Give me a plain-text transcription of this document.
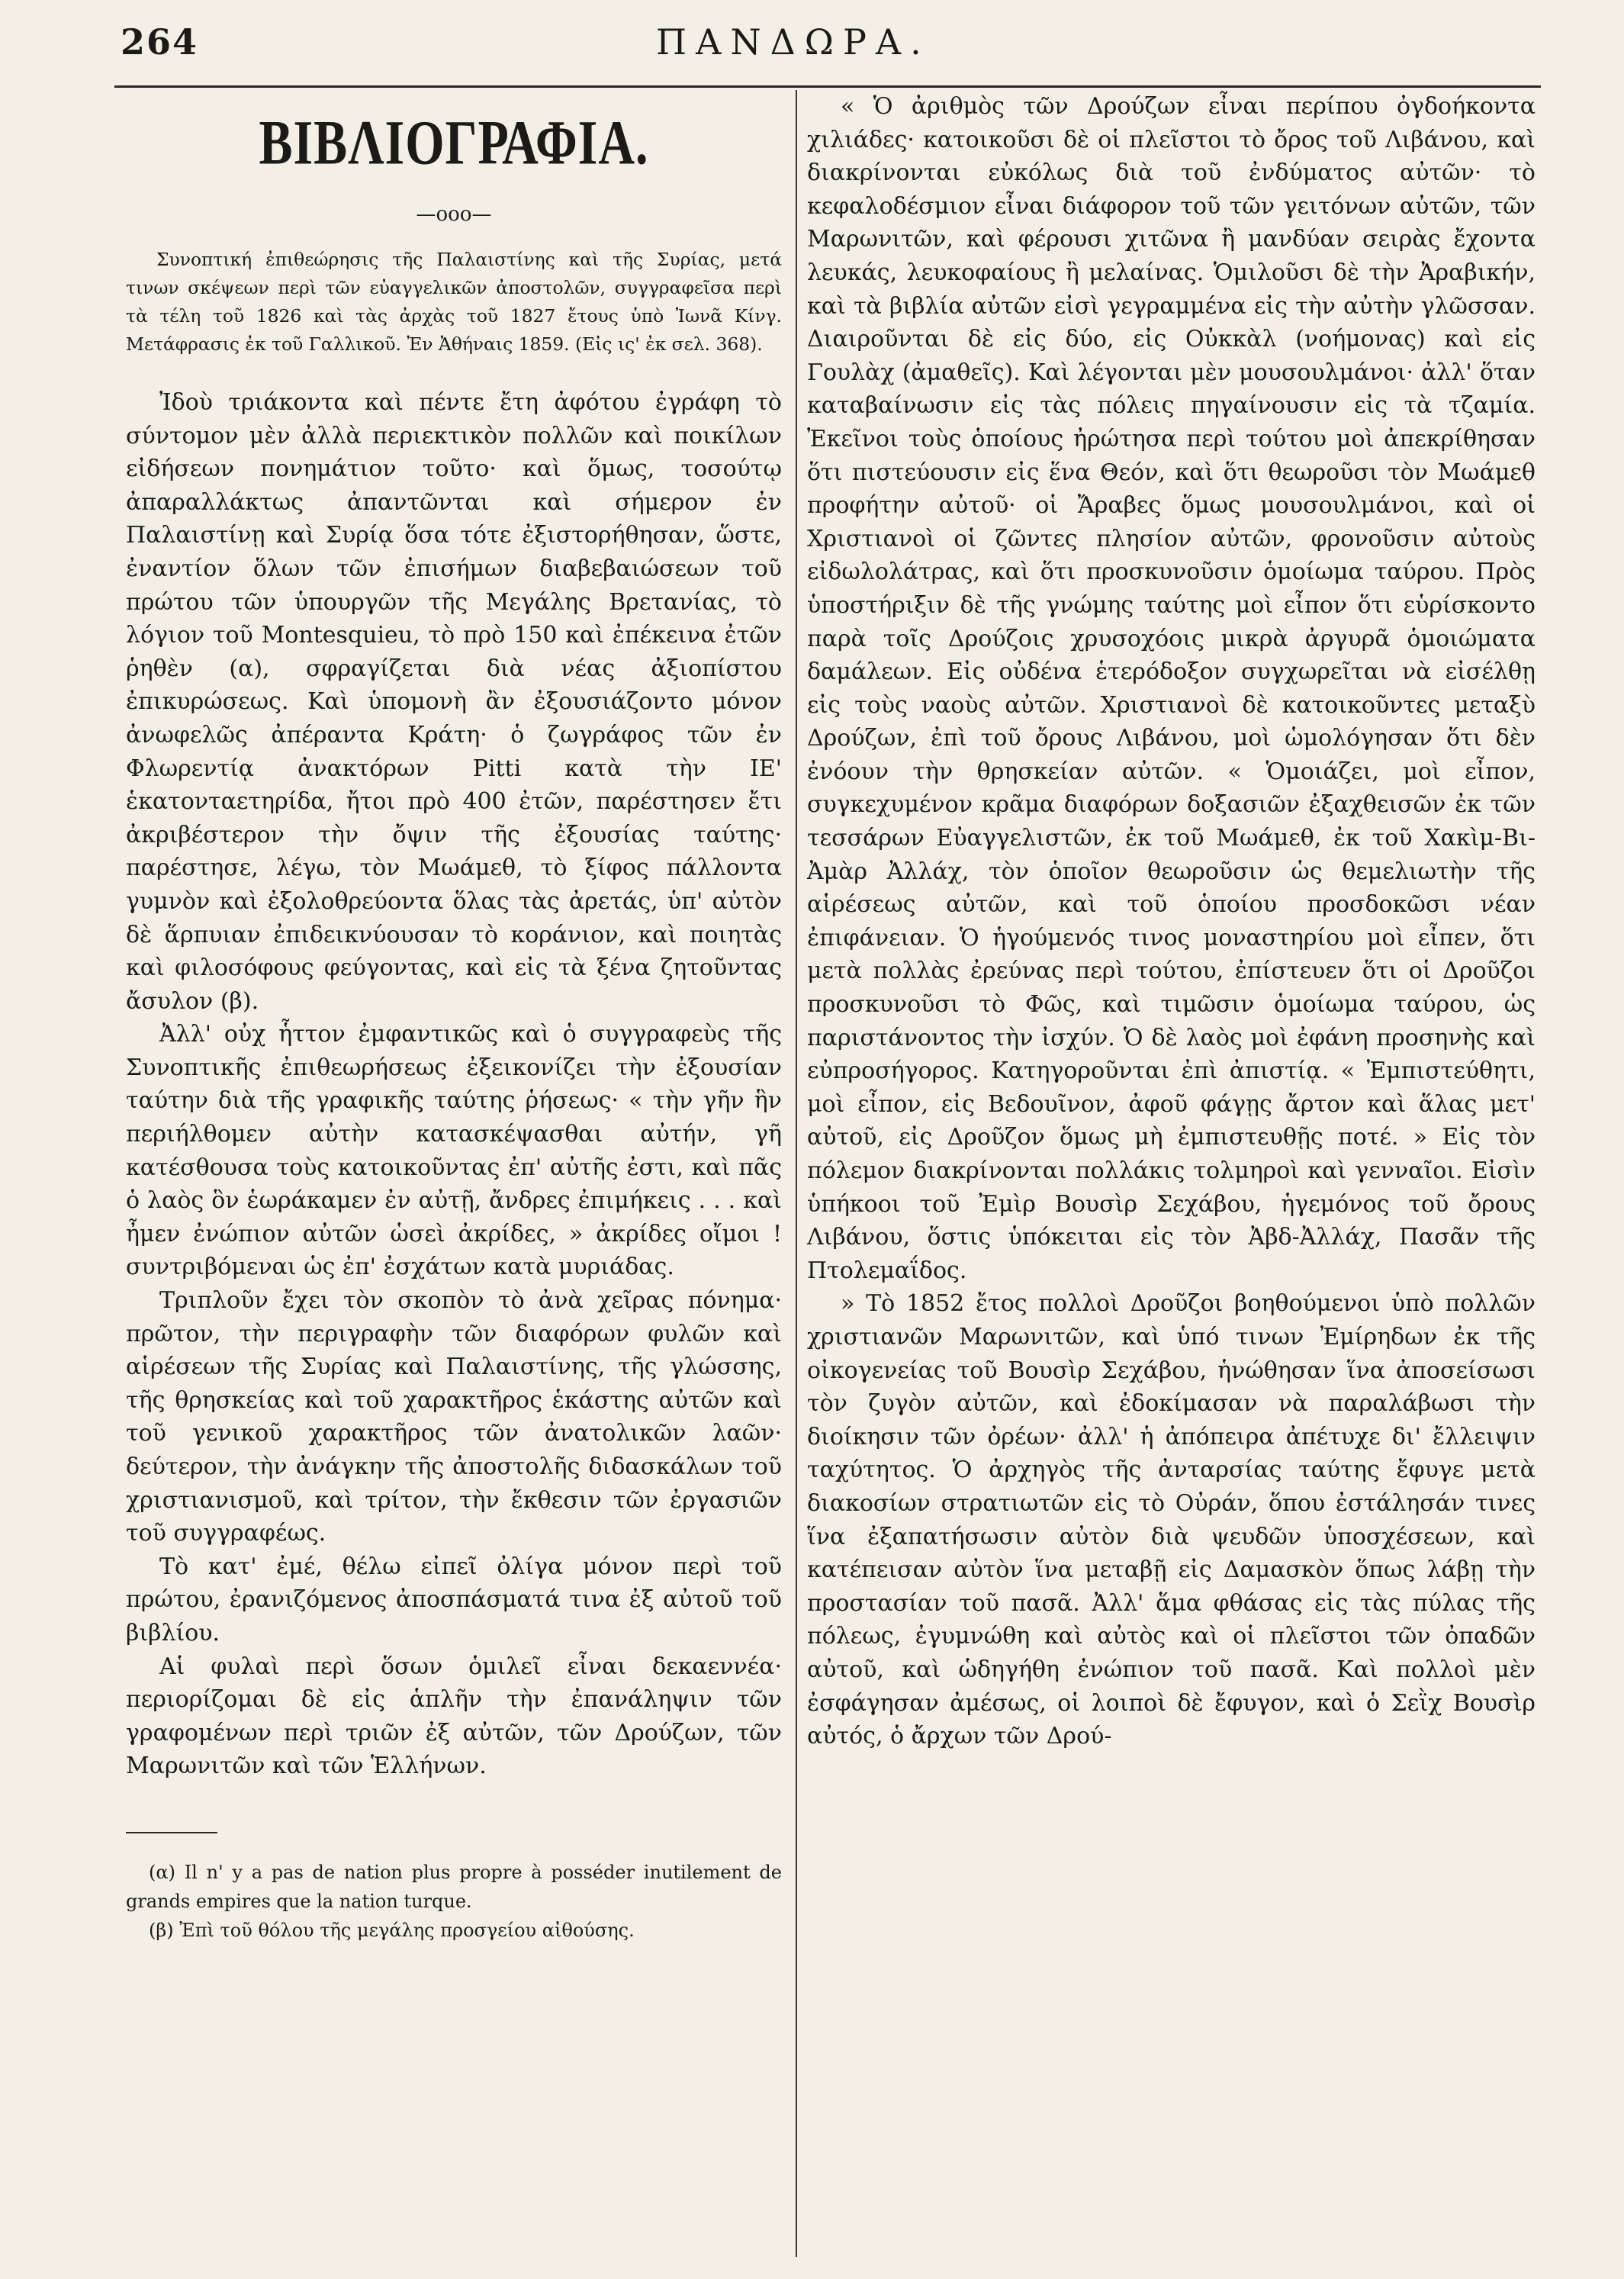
264	ΠΑΝΔΩΡΑ.
ΒΙΒΛΙΟΓΡΑΦΙΑ.
—ooo—

Συνοπτική ἐπιθεώρησις τῆς Παλαιστίνης καὶ τῆς Συρίας, μετά τινων σκέψεων περὶ τῶν εὐαγγελικῶν ἀποστολῶν, συγγραφεῖσα περὶ τὰ τέλη τοῦ 1826 καὶ τὰς ἀρχὰς τοῦ 1827 ἔτους ὑπὸ Ἰωνᾶ Κίνγ. Μετάφρασις ἐκ τοῦ Γαλλικοῦ. Ἐν Ἀθήναις 1859. (Εἰς ις' ἐκ σελ. 368).

Ἰδοὺ τριάκοντα καὶ πέντε ἔτη ἀφότου ἐγράφη τὸ σύντομον μὲν ἀλλὰ περιεκτικὸν πολλῶν καὶ ποικίλων εἰδήσεων πονημάτιον τοῦτο· καὶ ὅμως, τοσούτῳ ἀπαραλλάκτως ἀπαντῶνται καὶ σήμερον ἐν Παλαιστίνῃ καὶ Συρίᾳ ὅσα τότε ἐξιστορήθησαν, ὥστε, ἐναντίον ὅλων τῶν ἐπισήμων διαβεβαιώσεων τοῦ πρώτου τῶν ὑπουργῶν τῆς Μεγάλης Βρετανίας, τὸ λόγιον τοῦ Montesquieu, τὸ πρὸ 150 καὶ ἐπέκεινα ἐτῶν ῥηθὲν (α), σφραγίζεται διὰ νέας ἀξιοπίστου ἐπικυρώσεως. Καὶ ὑπομονὴ ἂν ἐξουσιάζοντο μόνον ἀνωφελῶς ἀπέραντα Κράτη· ὁ ζωγράφος τῶν ἐν Φλωρεντίᾳ ἀνακτόρων Pitti κατὰ τὴν ΙΕ' ἑκατονταετηρίδα, ἤτοι πρὸ 400 ἐτῶν, παρέστησεν ἔτι ἀκριβέστερον τὴν ὄψιν τῆς ἐξουσίας ταύτης· παρέστησε, λέγω, τὸν Μωάμεθ, τὸ ξίφος πάλλοντα γυμνὸν καὶ ἐξολοθρεύοντα ὅλας τὰς ἀρετάς, ὑπ' αὐτὸν δὲ ἅρπυιαν ἐπιδεικνύουσαν τὸ κοράνιον, καὶ ποιητὰς καὶ φιλοσόφους φεύγοντας, καὶ εἰς τὰ ξένα ζητοῦντας ἄσυλον (β).

Ἀλλ' οὐχ ἧττον ἐμφαντικῶς καὶ ὁ συγγραφεὺς τῆς Συνοπτικῆς ἐπιθεωρήσεως ἐξεικονίζει τὴν ἐξουσίαν ταύτην διὰ τῆς γραφικῆς ταύτης ῥήσεως· « τὴν γῆν ἣν περιήλθομεν αὐτὴν κατασκέψασθαι αὐτήν, γῆ κατέσθουσα τοὺς κατοικοῦντας ἐπ' αὐτῆς ἐστι, καὶ πᾶς ὁ λαὸς ὃν ἑωράκαμεν ἐν αὐτῇ, ἄνδρες ἐπιμήκεις . . . καὶ ἦμεν ἐνώπιον αὐτῶν ὡσεὶ ἀκρίδες, » ἀκρίδες οἴμοι ! συντριβόμεναι ὡς ἐπ' ἐσχάτων κατὰ μυριάδας.

Τριπλοῦν ἔχει τὸν σκοπὸν τὸ ἀνὰ χεῖρας πόνημα· πρῶτον, τὴν περιγραφὴν τῶν διαφόρων φυλῶν καὶ αἱρέσεων τῆς Συρίας καὶ Παλαιστίνης, τῆς γλώσσης, τῆς θρησκείας καὶ τοῦ χαρακτῆρος ἑκάστης αὐτῶν καὶ τοῦ γενικοῦ χαρακτῆρος τῶν ἀνατολικῶν λαῶν· δεύτερον, τὴν ἀνάγκην τῆς ἀποστολῆς διδασκάλων τοῦ χριστιανισμοῦ, καὶ τρίτον, τὴν ἔκθεσιν τῶν ἐργασιῶν τοῦ συγγραφέως.

Τὸ κατ' ἐμέ, θέλω εἰπεῖ ὀλίγα μόνον περὶ τοῦ πρώτου, ἐρανιζόμενος ἀποσπάσματά τινα ἐξ αὐτοῦ τοῦ βιβλίου.

Αἱ φυλαὶ περὶ ὅσων ὁμιλεῖ εἶναι δεκαεννέα· περιορίζομαι δὲ εἰς ἁπλῆν τὴν ἐπανάληψιν τῶν γραφομένων περὶ τριῶν ἐξ αὐτῶν, τῶν Δρούζων, τῶν Μαρωνιτῶν καὶ τῶν Ἑλλήνων.

(α) Il n' y a pas de nation plus propre à posséder inutilement de grands empires que la nation turque.

(β) Ἐπὶ τοῦ θόλου τῆς μεγάλης προσγείου αἰθούσης.

« Ὁ ἀριθμὸς τῶν Δρούζων εἶναι περίπου ὀγδοήκοντα χιλιάδες· κατοικοῦσι δὲ οἱ πλεῖστοι τὸ ὄρος τοῦ Λιβάνου, καὶ διακρίνονται εὐκόλως διὰ τοῦ ἐνδύματος αὐτῶν· τὸ κεφαλοδέσμιον εἶναι διάφορον τοῦ τῶν γειτόνων αὐτῶν, τῶν Μαρωνιτῶν, καὶ φέρουσι χιτῶνα ἢ μανδύαν σειρὰς ἔχοντα λευκάς, λευκοφαίους ἢ μελαίνας. Ὁμιλοῦσι δὲ τὴν Ἀραβικήν, καὶ τὰ βιβλία αὐτῶν εἰσὶ γεγραμμένα εἰς τὴν αὐτὴν γλῶσσαν. Διαιροῦνται δὲ εἰς δύο, εἰς Οὐκκὰλ (νοήμονας) καὶ εἰς Γουλὰχ (ἀμαθεῖς). Καὶ λέγονται μὲν μουσουλμάνοι· ἀλλ' ὅταν καταβαίνωσιν εἰς τὰς πόλεις πηγαίνουσιν εἰς τὰ τζαμία. Ἐκεῖνοι τοὺς ὁποίους ἠρώτησα περὶ τούτου μοὶ ἀπεκρίθησαν ὅτι πιστεύουσιν εἰς ἕνα Θεόν, καὶ ὅτι θεωροῦσι τὸν Μωάμεθ προφήτην αὐτοῦ· οἱ Ἄραβες ὅμως μουσουλμάνοι, καὶ οἱ Χριστιανοὶ οἱ ζῶντες πλησίον αὐτῶν, φρονοῦσιν αὐτοὺς εἰδωλολάτρας, καὶ ὅτι προσκυνοῦσιν ὁμοίωμα ταύρου. Πρὸς ὑποστήριξιν δὲ τῆς γνώμης ταύτης μοὶ εἶπον ὅτι εὑρίσκοντο παρὰ τοῖς Δρούζοις χρυσοχόοις μικρὰ ἀργυρᾶ ὁμοιώματα δαμάλεων. Εἰς οὐδένα ἑτερόδοξον συγχωρεῖται νὰ εἰσέλθῃ εἰς τοὺς ναοὺς αὐτῶν. Χριστιανοὶ δὲ κατοικοῦντες μεταξὺ Δρούζων, ἐπὶ τοῦ ὄρους Λιβάνου, μοὶ ὡμολόγησαν ὅτι δὲν ἐνόουν τὴν θρησκείαν αὐτῶν. « Ὁμοιάζει, μοὶ εἶπον, συγκεχυμένον κρᾶμα διαφόρων δοξασιῶν ἐξαχθεισῶν ἐκ τῶν τεσσάρων Εὐαγγελιστῶν, ἐκ τοῦ Μωάμεθ, ἐκ τοῦ Χακὶμ-Βι-Ἀμὰρ Ἀλλάχ, τὸν ὁποῖον θεωροῦσιν ὡς θεμελιωτὴν τῆς αἱρέσεως αὐτῶν, καὶ τοῦ ὁποίου προσδοκῶσι νέαν ἐπιφάνειαν. Ὁ ἡγούμενός τινος μοναστηρίου μοὶ εἶπεν, ὅτι μετὰ πολλὰς ἐρεύνας περὶ τούτου, ἐπίστευεν ὅτι οἱ Δροῦζοι προσκυνοῦσι τὸ Φῶς, καὶ τιμῶσιν ὁμοίωμα ταύρου, ὡς παριστάνοντος τὴν ἰσχύν. Ὁ δὲ λαὸς μοὶ ἐφάνη προσηνὴς καὶ εὐπροσήγορος. Κατηγοροῦνται ἐπὶ ἀπιστίᾳ. « Ἐμπιστεύθητι, μοὶ εἶπον, εἰς Βεδουῖνον, ἀφοῦ φάγῃς ἄρτον καὶ ἅλας μετ' αὐτοῦ, εἰς Δροῦζον ὅμως μὴ ἐμπιστευθῇς ποτέ. » Εἰς τὸν πόλεμον διακρίνονται πολλάκις τολμηροὶ καὶ γενναῖοι. Εἰσὶν ὑπήκοοι τοῦ Ἐμὶρ Βουσὶρ Σεχάβου, ἡγεμόνος τοῦ ὄρους Λιβάνου, ὅστις ὑπόκειται εἰς τὸν Ἀβδ-Ἀλλάχ, Πασᾶν τῆς Πτολεμαΐδος.

» Τὸ 1852 ἔτος πολλοὶ Δροῦζοι βοηθούμενοι ὑπὸ πολλῶν χριστιανῶν Μαρωνιτῶν, καὶ ὑπό τινων Ἐμίρηδων ἐκ τῆς οἰκογενείας τοῦ Βουσὶρ Σεχάβου, ἡνώθησαν ἵνα ἀποσείσωσι τὸν ζυγὸν αὐτῶν, καὶ ἐδοκίμασαν νὰ παραλάβωσι τὴν διοίκησιν τῶν ὀρέων· ἀλλ' ἡ ἀπόπειρα ἀπέτυχε δι' ἔλλειψιν ταχύτητος. Ὁ ἀρχηγὸς τῆς ἀνταρσίας ταύτης ἔφυγε μετὰ διακοσίων στρατιωτῶν εἰς τὸ Οὐράν, ὅπου ἐστάλησάν τινες ἵνα ἐξαπατήσωσιν αὐτὸν διὰ ψευδῶν ὑποσχέσεων, καὶ κατέπεισαν αὐτὸν ἵνα μεταβῇ εἰς Δαμασκὸν ὅπως λάβῃ τὴν προστασίαν τοῦ πασᾶ. Ἀλλ' ἅμα φθάσας εἰς τὰς πύλας τῆς πόλεως, ἐγυμνώθη καὶ αὐτὸς καὶ οἱ πλεῖστοι τῶν ὀπαδῶν αὐτοῦ, καὶ ὡδηγήθη ἐνώπιον τοῦ πασᾶ. Καὶ πολλοὶ μὲν ἐσφάγησαν ἀμέσως, οἱ λοιποὶ δὲ ἔφυγον, καὶ ὁ Σεῒχ Βουσὶρ αὐτός, ὁ ἄρχων τῶν Δρού-
